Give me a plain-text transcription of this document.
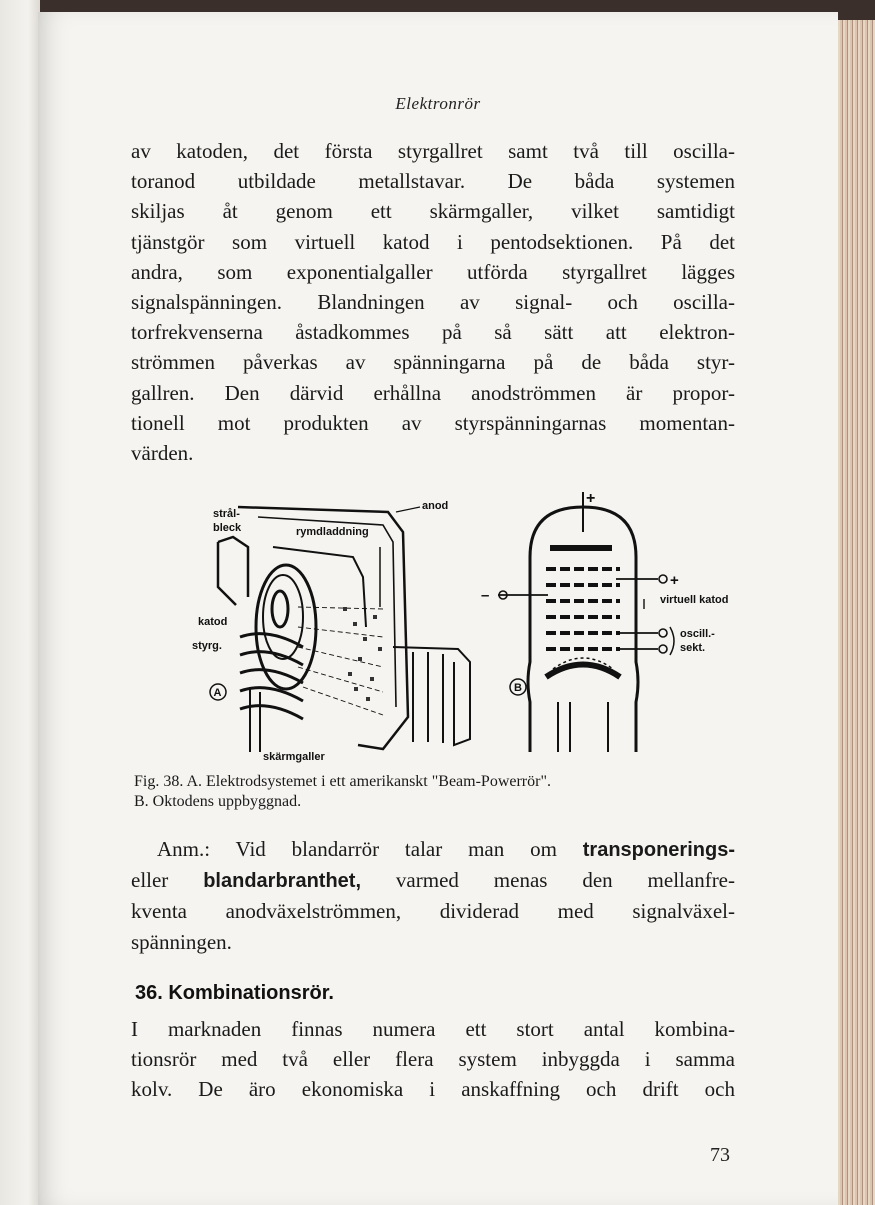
Elektronrör
av katoden, det första styrgallret samt två till oscilla-
toranod utbildade metallstavar. De båda systemen
skiljas åt genom ett skärmgaller, vilket samtidigt
tjänstgör som virtuell katod i pentodsektionen. På det
andra, som exponentialgaller utförda styrgallret lägges
signalspänningen. Blandningen av signal- och oscilla-
torfrekvenserna åstadkommes på så sätt att elektron-
strömmen påverkas av spänningarna på de båda styr-
gallren. Den därvid erhållna anodströmmen är propor-
tionell mot produkten av styrspänningarnas momentan-
värden.
strål-
bleck	rymdladdning
anod
katod
styrg.
A
skärmgaller
+
–
+
virtuell katod
oscill.-
sekt.
B
Fig. 38. A. Elektrodsystemet i ett amerikanskt "Beam-Powerrör".
B. Oktodens uppbyggnad.
Anm.: Vid blandarrör talar man om transponerings-
eller blandarbranthet, varmed menas den mellanfre-
kventa anodväxelströmmen, dividerad med signalväxel-
spänningen.
36. Kombinationsrör.
I marknaden finnas numera ett stort antal kombina-
tionsrör med två eller flera system inbyggda i samma
kolv. De äro ekonomiska i anskaffning och drift och
73
